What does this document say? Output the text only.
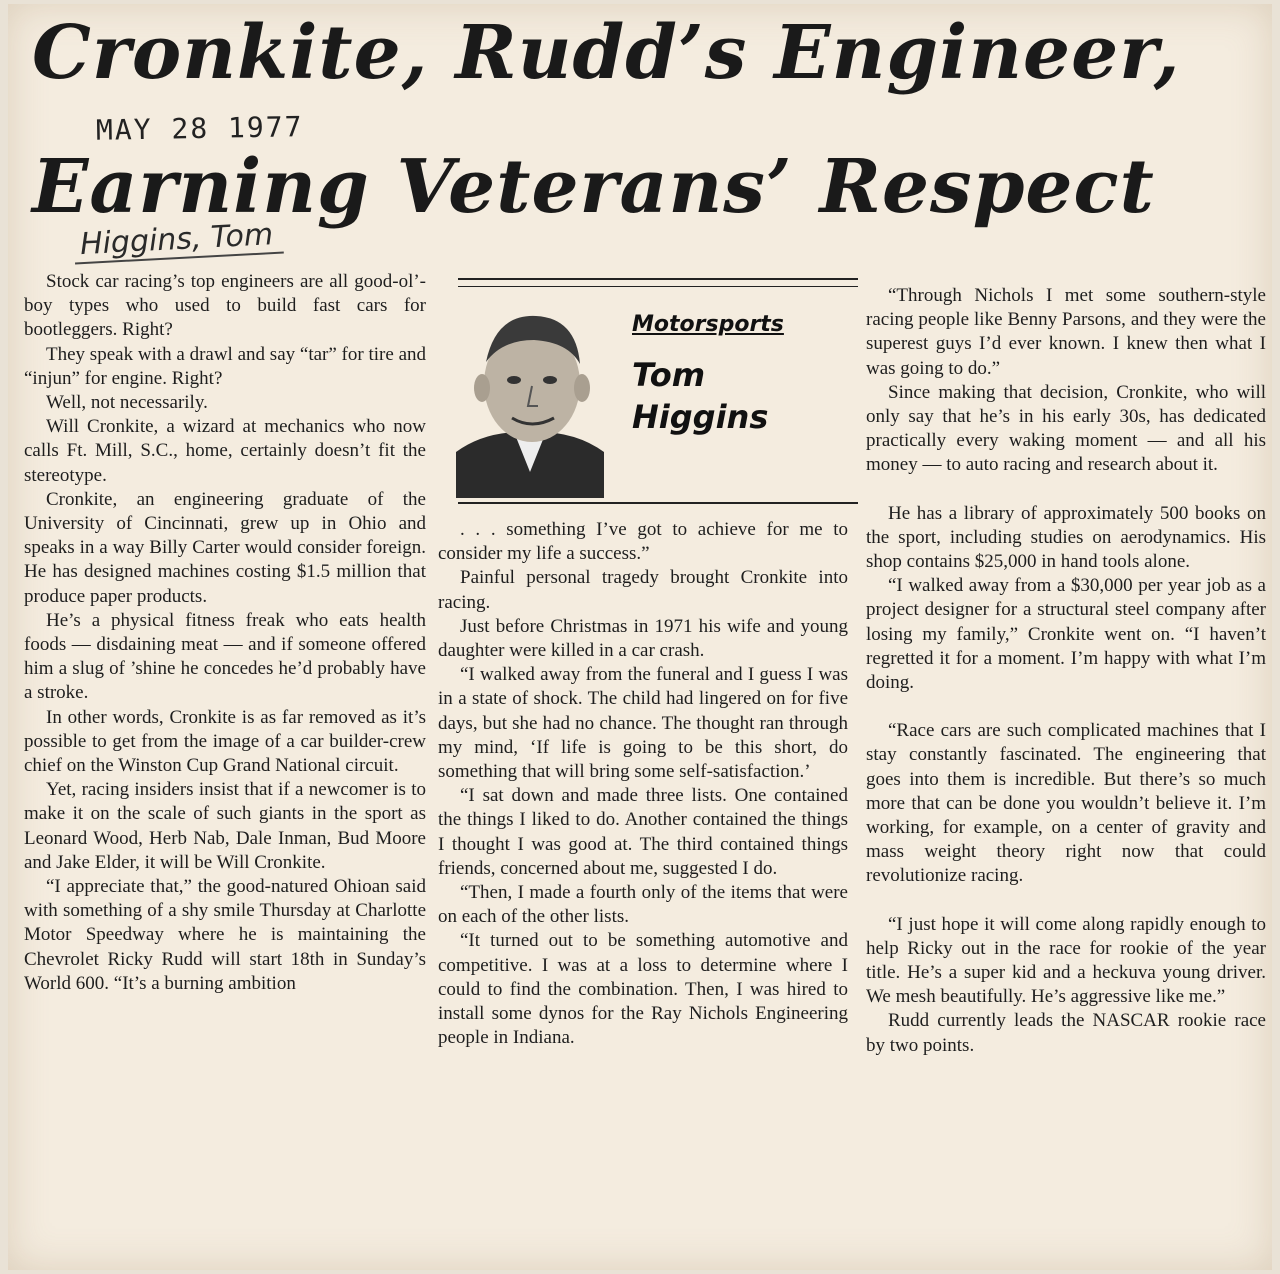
Cronkite, Rudd’s Engineer,
MAY 28 1977
Earning Veterans’ Respect
Higgins, Tom

Stock car racing’s top engineers are all good-ol’-boy types who used to build fast cars for bootleggers. Right?

They speak with a drawl and say “tar” for tire and “injun” for engine. Right?

Well, not necessarily.

Will Cronkite, a wizard at mechanics who now calls Ft. Mill, S.C., home, certainly doesn’t fit the stereotype.

Cronkite, an engineering graduate of the University of Cincinnati, grew up in Ohio and speaks in a way Billy Carter would consider foreign. He has designed machines costing $1.5 million that produce paper products.

He’s a physical fitness freak who eats health foods — disdaining meat — and if someone offered him a slug of ’shine he concedes he’d probably have a stroke.

In other words, Cronkite is as far removed as it’s possible to get from the image of a car builder-crew chief on the Winston Cup Grand National circuit.

Yet, racing insiders insist that if a newcomer is to make it on the scale of such giants in the sport as Leonard Wood, Herb Nab, Dale Inman, Bud Moore and Jake Elder, it will be Will Cronkite.

“I appreciate that,” the good-natured Ohioan said with something of a shy smile Thursday at Charlotte Motor Speedway where he is maintaining the Chevrolet Ricky Rudd will start 18th in Sunday’s World 600. “It’s a burning ambition

Motorsports
Tom
Higgins

. . . something I’ve got to achieve for me to consider my life a success.”

Painful personal tragedy brought Cronkite into racing.

Just before Christmas in 1971 his wife and young daughter were killed in a car crash.

“I walked away from the funeral and I guess I was in a state of shock. The child had lingered on for five days, but she had no chance. The thought ran through my mind, ‘If life is going to be this short, do something that will bring some self-satisfaction.’

“I sat down and made three lists. One contained the things I liked to do. Another contained the things I thought I was good at. The third contained things friends, concerned about me, suggested I do.

“Then, I made a fourth only of the items that were on each of the other lists.

“It turned out to be something automotive and competitive. I was at a loss to determine where I could to find the combination. Then, I was hired to install some dynos for the Ray Nichols Engineering people in Indiana.

“Through Nichols I met some southern-style racing people like Benny Parsons, and they were the superest guys I’d ever known. I knew then what I was going to do.”

Since making that decision, Cronkite, who will only say that he’s in his early 30s, has dedicated practically every waking moment — and all his money — to auto racing and research about it.

He has a library of approximately 500 books on the sport, including studies on aerodynamics. His shop contains $25,000 in hand tools alone.

“I walked away from a $30,000 per year job as a project designer for a structural steel company after losing my family,” Cronkite went on. “I haven’t regretted it for a moment. I’m happy with what I’m doing.

“Race cars are such complicated machines that I stay constantly fascinated. The engineering that goes into them is incredible. But there’s so much more that can be done you wouldn’t believe it. I’m working, for example, on a center of gravity and mass weight theory right now that could revolutionize racing.

“I just hope it will come along rapidly enough to help Ricky out in the race for rookie of the year title. He’s a super kid and a heckuva young driver. We mesh beautifully. He’s aggressive like me.”

Rudd currently leads the NASCAR rookie race by two points.
